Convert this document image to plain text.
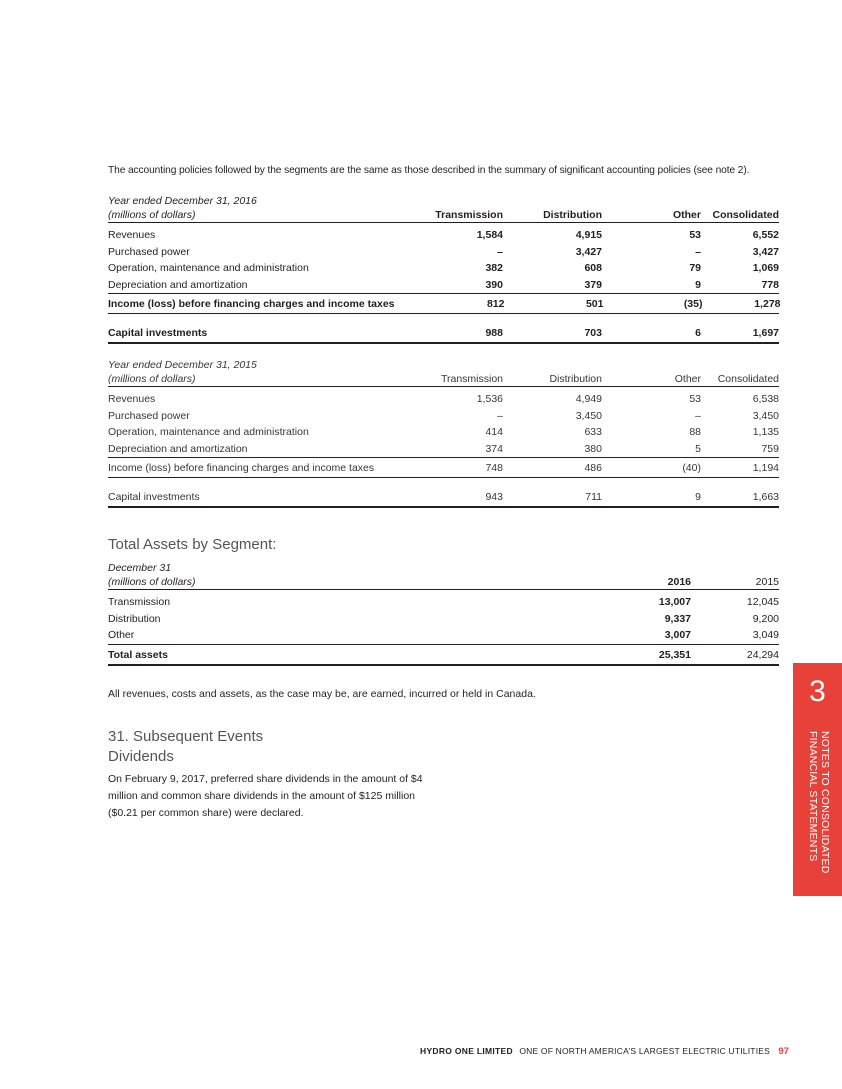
The accounting policies followed by the segments are the same as those described in the summary of significant accounting policies (see note 2).
Year ended December 31, 2016
(millions of dollars)	Transmission	Distribution	Other	Consolidated
Revenues	1,584	4,915	53	6,552
Purchased power	–	3,427	–	3,427
Operation, maintenance and administration	382	608	79	1,069
Depreciation and amortization	390	379	9	778
Income (loss) before financing charges and income taxes	812	501	(35)	1,278
Capital investments	988	703	6	1,697
Year ended December 31, 2015
(millions of dollars)	Transmission	Distribution	Other	Consolidated
Revenues	1,536	4,949	53	6,538
Purchased power	–	3,450	–	3,450
Operation, maintenance and administration	414	633	88	1,135
Depreciation and amortization	374	380	5	759
Income (loss) before financing charges and income taxes	748	486	(40)	1,194
Capital investments	943	711	9	1,663
Total Assets by Segment:
December 31
(millions of dollars)	2016	2015
Transmission	13,007	12,045
Distribution	9,337	9,200
Other	3,007	3,049
Total assets	25,351	24,294
All revenues, costs and assets, as the case may be, are earned, incurred or held in Canada.
31. Subsequent Events
Dividends
On February 9, 2017, preferred share dividends in the amount of $4 million and common share dividends in the amount of $125 million ($0.21 per common share) were declared.
3
NOTES TO CONSOLIDATED
FINANCIAL STATEMENTS
HYDRO ONE LIMITED ONE OF NORTH AMERICA’S LARGEST ELECTRIC UTILITIES 97
